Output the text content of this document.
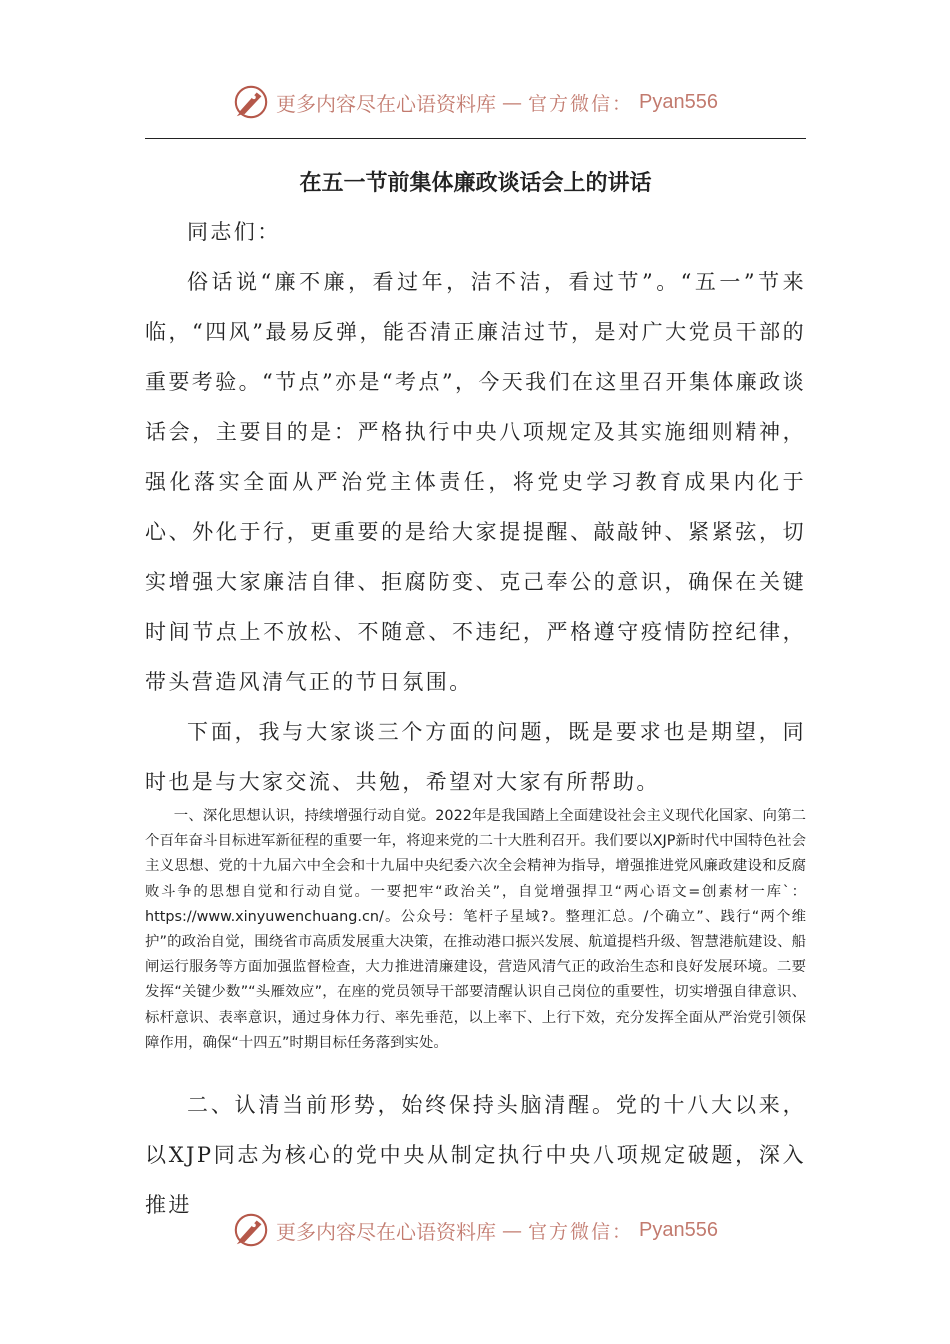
更多内容尽在心语资料库 — 官方微信： Pyan556
在五一节前集体廉政谈话会上的讲话

同志们：

俗话说“廉不廉，看过年，洁不洁，看过节”。“五一”节来临，“四风”最易反弹，能否清正廉洁过节，是对广大党员干部的重要考验。“节点”亦是“考点”，今天我们在这里召开集体廉政谈话会，主要目的是：严格执行中央八项规定及其实施细则精神，强化落实全面从严治党主体责任，将党史学习教育成果内化于心、外化于行，更重要的是给大家提提醒、敲敲钟、紧紧弦，切实增强大家廉洁自律、拒腐防变、克己奉公的意识，确保在关键时间节点上不放松、不随意、不违纪，严格遵守疫情防控纪律，带头营造风清气正的节日氛围。

下面，我与大家谈三个方面的问题，既是要求也是期望，同时也是与大家交流、共勉，希望对大家有所帮助。

一、深化思想认识，持续增强行动自觉。2022年是我国踏上全面建设社会主义现代化国家、向第二个百年奋斗目标进军新征程的重要一年，将迎来党的二十大胜利召开。我们要以XJP新时代中国特色社会主义思想、党的十九届六中全会和十九届中央纪委六次全会精神为指导，增强推进党风廉政建设和反腐败斗争的思想自觉和行动自觉。一要把牢“政治关”，自觉增强捍卫“两心语文=创素材一库`：https://www.xinyuwenchuang.cn/。公众号：笔杆子星域?。整理汇总。/个确立”、践行“两个维护”的政治自觉，围绕省市高质发展重大决策，在推动港口振兴发展、航道提档升级、智慧港航建设、船闸运行服务等方面加强监督检查，大力推进清廉建设，营造风清气正的政治生态和良好发展环境。二要发挥“关键少数”“头雁效应”，在座的党员领导干部要清醒认识自己岗位的重要性，切实增强自律意识、标杆意识、表率意识，通过身体力行、率先垂范，以上率下、上行下效，充分发挥全面从严治党引领保障作用，确保“十四五”时期目标任务落到实处。

二、认清当前形势，始终保持头脑清醒。党的十八大以来，以XJP同志为核心的党中央从制定执行中央八项规定破题，深入推进

更多内容尽在心语资料库 — 官方微信： Pyan556
